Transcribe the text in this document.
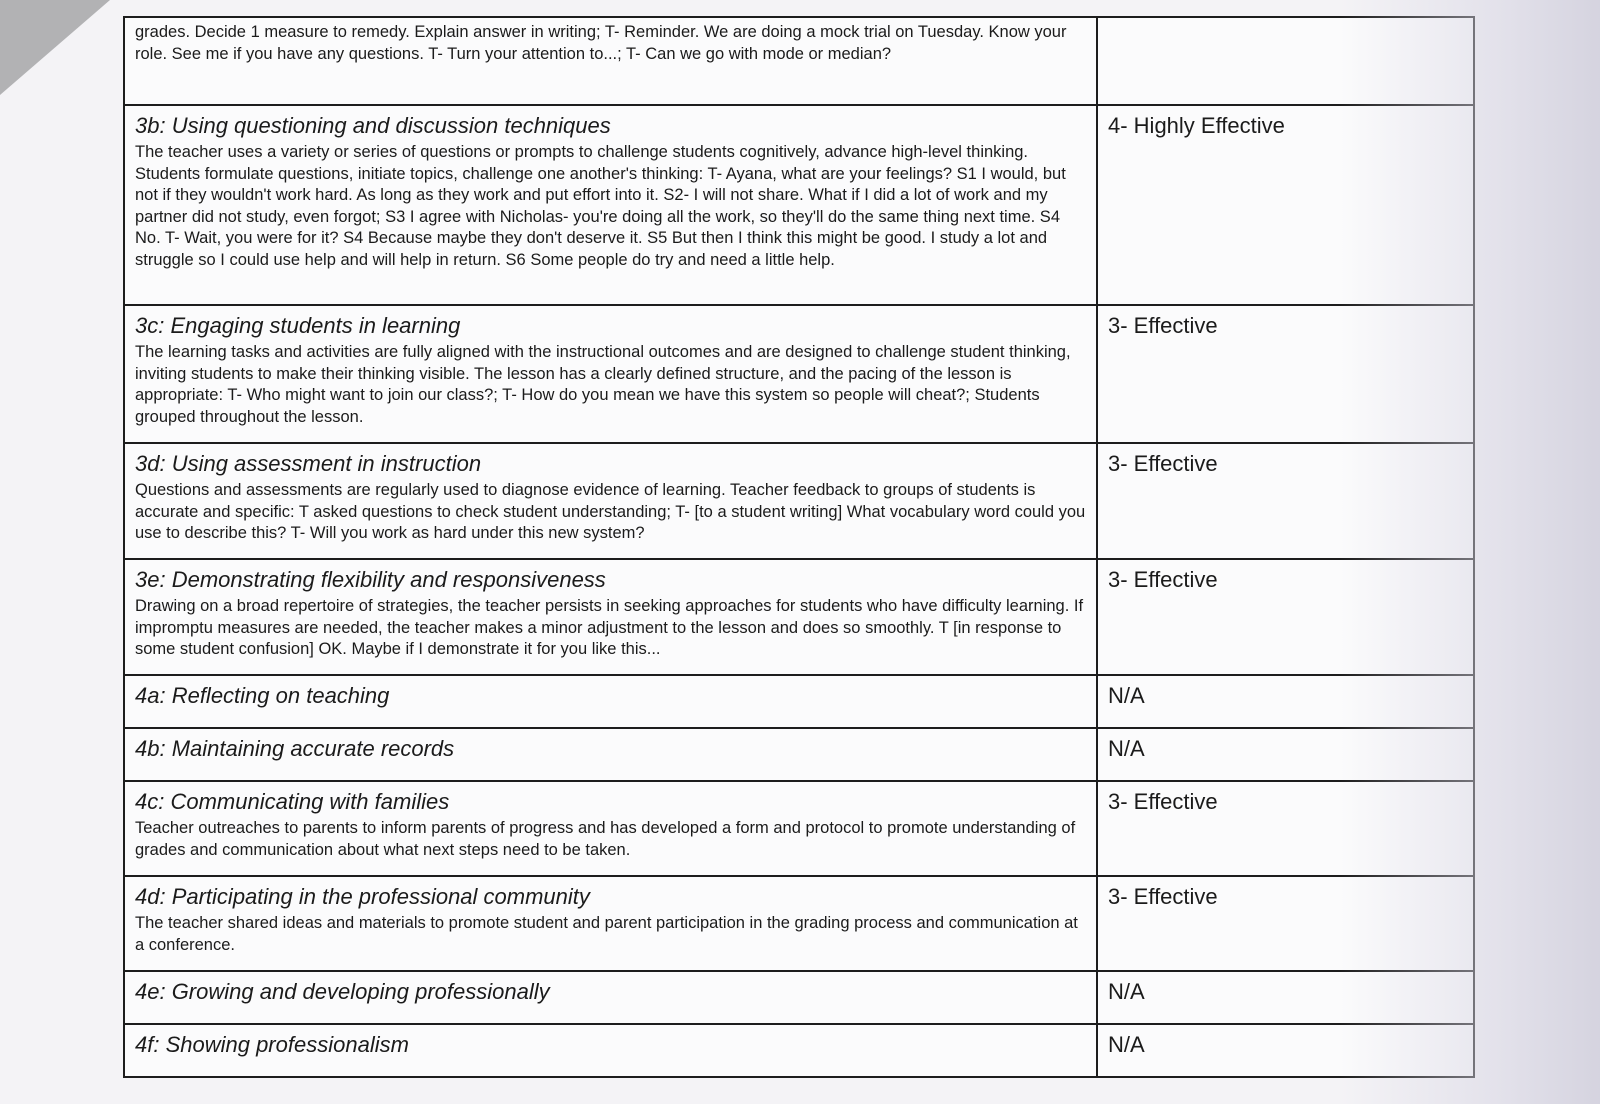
grades. Decide 1 measure to remedy. Explain answer in writing; T- Reminder. We are doing a mock trial on Tuesday. Know your role. See me if you have any questions. T- Turn your attention to...; T- Can we go with mode or median?	

3b: Using questioning and discussion techniques

The teacher uses a variety or series of questions or prompts to challenge students cognitively, advance high-level thinking. Students formulate questions, initiate topics, challenge one another's thinking: T- Ayana, what are your feelings? S1 I would, but not if they wouldn't work hard. As long as they work and put effort into it. S2- I will not share. What if I did a lot of work and my partner did not study, even forgot; S3 I agree with Nicholas- you're doing all the work, so they'll do the same thing next time. S4 No. T- Wait, you were for it? S4 Because maybe they don't deserve it. S5 But then I think this might be good. I study a lot and struggle so I could use help and will help in return. S6 Some people do try and need a little help.	4- Highly Effective

3c: Engaging students in learning

The learning tasks and activities are fully aligned with the instructional outcomes and are designed to challenge student thinking, inviting students to make their thinking visible. The lesson has a clearly defined structure, and the pacing of the lesson is appropriate: T- Who might want to join our class?; T- How do you mean we have this system so people will cheat?; Students grouped throughout the lesson.	3- Effective

3d: Using assessment in instruction

Questions and assessments are regularly used to diagnose evidence of learning. Teacher feedback to groups of students is accurate and specific: T asked questions to check student understanding; T- [to a student writing] What vocabulary word could you use to describe this? T- Will you work as hard under this new system?	3- Effective

3e: Demonstrating flexibility and responsiveness

Drawing on a broad repertoire of strategies, the teacher persists in seeking approaches for students who have difficulty learning. If impromptu measures are needed, the teacher makes a minor adjustment to the lesson and does so smoothly. T [in response to some student confusion] OK. Maybe if I demonstrate it for you like this...	3- Effective

4a: Reflecting on teaching	N/A

4b: Maintaining accurate records	N/A

4c: Communicating with families

Teacher outreaches to parents to inform parents of progress and has developed a form and protocol to promote understanding of grades and communication about what next steps need to be taken.	3- Effective

4d: Participating in the professional community

The teacher shared ideas and materials to promote student and parent participation in the grading process and communication at a conference.	3- Effective

4e: Growing and developing professionally	N/A

4f: Showing professionalism	N/A
